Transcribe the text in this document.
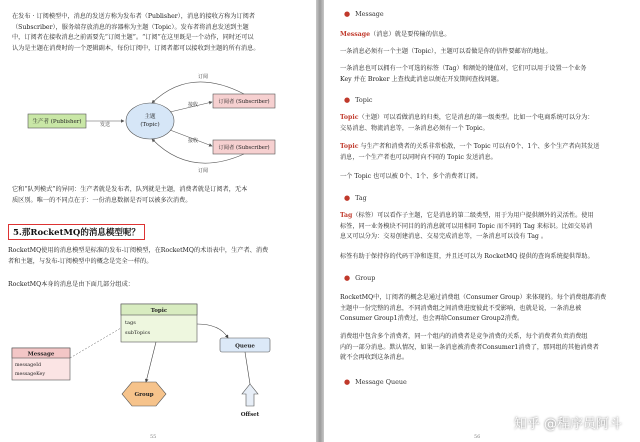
在发布 · 订阅模型中，消息的发送方称为发布者（Publisher），消息的接收方称为订阅者
（Subscriber），服务端存放消息的容器称为主题（Topic）。发布者将消息发送到主题
中，订阅者在接收消息之前需要先“订阅主题”。“订阅”在这里既是一个动作，同时还可以
认为是主题在消费时的一个逻辑副本，每份订阅中，订阅者都可以接收到主题的所有消息。
生产者 (Publisher)	发送
主题
(Topic)
订阅者 (Subscriber)
订阅者 (Subscriber)
订阅
订阅
接收
接收
它和“队列模式”的异同：生产者就是发布者，队列就是主题，消费者就是订阅者，无本
质区别。唯一的不同点在于：一份消息数据是否可以被多次消费。
5.那RocketMQ的消息模型呢？
RocketMQ使用的消息模型是标准的发布-订阅模型，在RocketMQ的术语表中，生产者、消费
者和主题，与发布-订阅模型中的概念是完全一样的。
RocketMQ本身的消息是由下面几部分组成：
Topic
tags
subTopics
Message
messageId
messageKey
Queue
Group
Offset
55
● Message
Message（消息）就是要传输的信息。
一条消息必须有一个主题（Topic），主题可以看做是你的信件要邮寄的地址。
一条消息也可以拥有一个可选的标签（Tag）和额处的键值对，它们可以用于设置一个业务
Key 并在 Broker 上查找此消息以便在开发期间查找问题。
● Topic
Topic（主题）可以看做消息的归类，它是消息的第一级类型。比如一个电商系统可以分为：
交易消息、物流消息等，一条消息必须有一个 Topic。
Topic 与生产者和消费者的关系非常松散，一个 Topic 可以有0个、1个、多个生产者向其发送
消息，一个生产者也可以同时向不同的 Topic 发送消息。
一个 Topic 也可以被 0个、1个、多个消费者订阅。
● Tag
Tag（标签）可以看作子主题，它是消息的第二级类型，用于为用户提供额外的灵活性。使用
标签，同一业务模块不同目的的消息就可以用相同 Topic 而不同的 Tag 来标识。比如交易消
息又可以分为：交易创建消息、交易完成消息等，一条消息可以没有 Tag 。
标签有助于保持你的代码干净和连贯，并且还可以为 RocketMQ 提供的查询系统提供帮助。
● Group
RocketMQ中，订阅者的概念是通过消费组（Consumer Group）来体现的。每个消费组都消费
主题中一份完整的消息，不同消费组之间消费进度彼此不受影响，也就是说，一条消息被
Consumer Group1消费过，也会再给Consumer Group2消费。
消费组中包含多个消费者，同一个组内的消费者是竞争消费的关系，每个消费者负责消费组
内的一部分消息。默认情况，如果一条消息被消费者Consumer1消费了，那同组的其他消费者
就不会再收到这条消息。
● Message Queue
56
知乎 @程序员阿斗
